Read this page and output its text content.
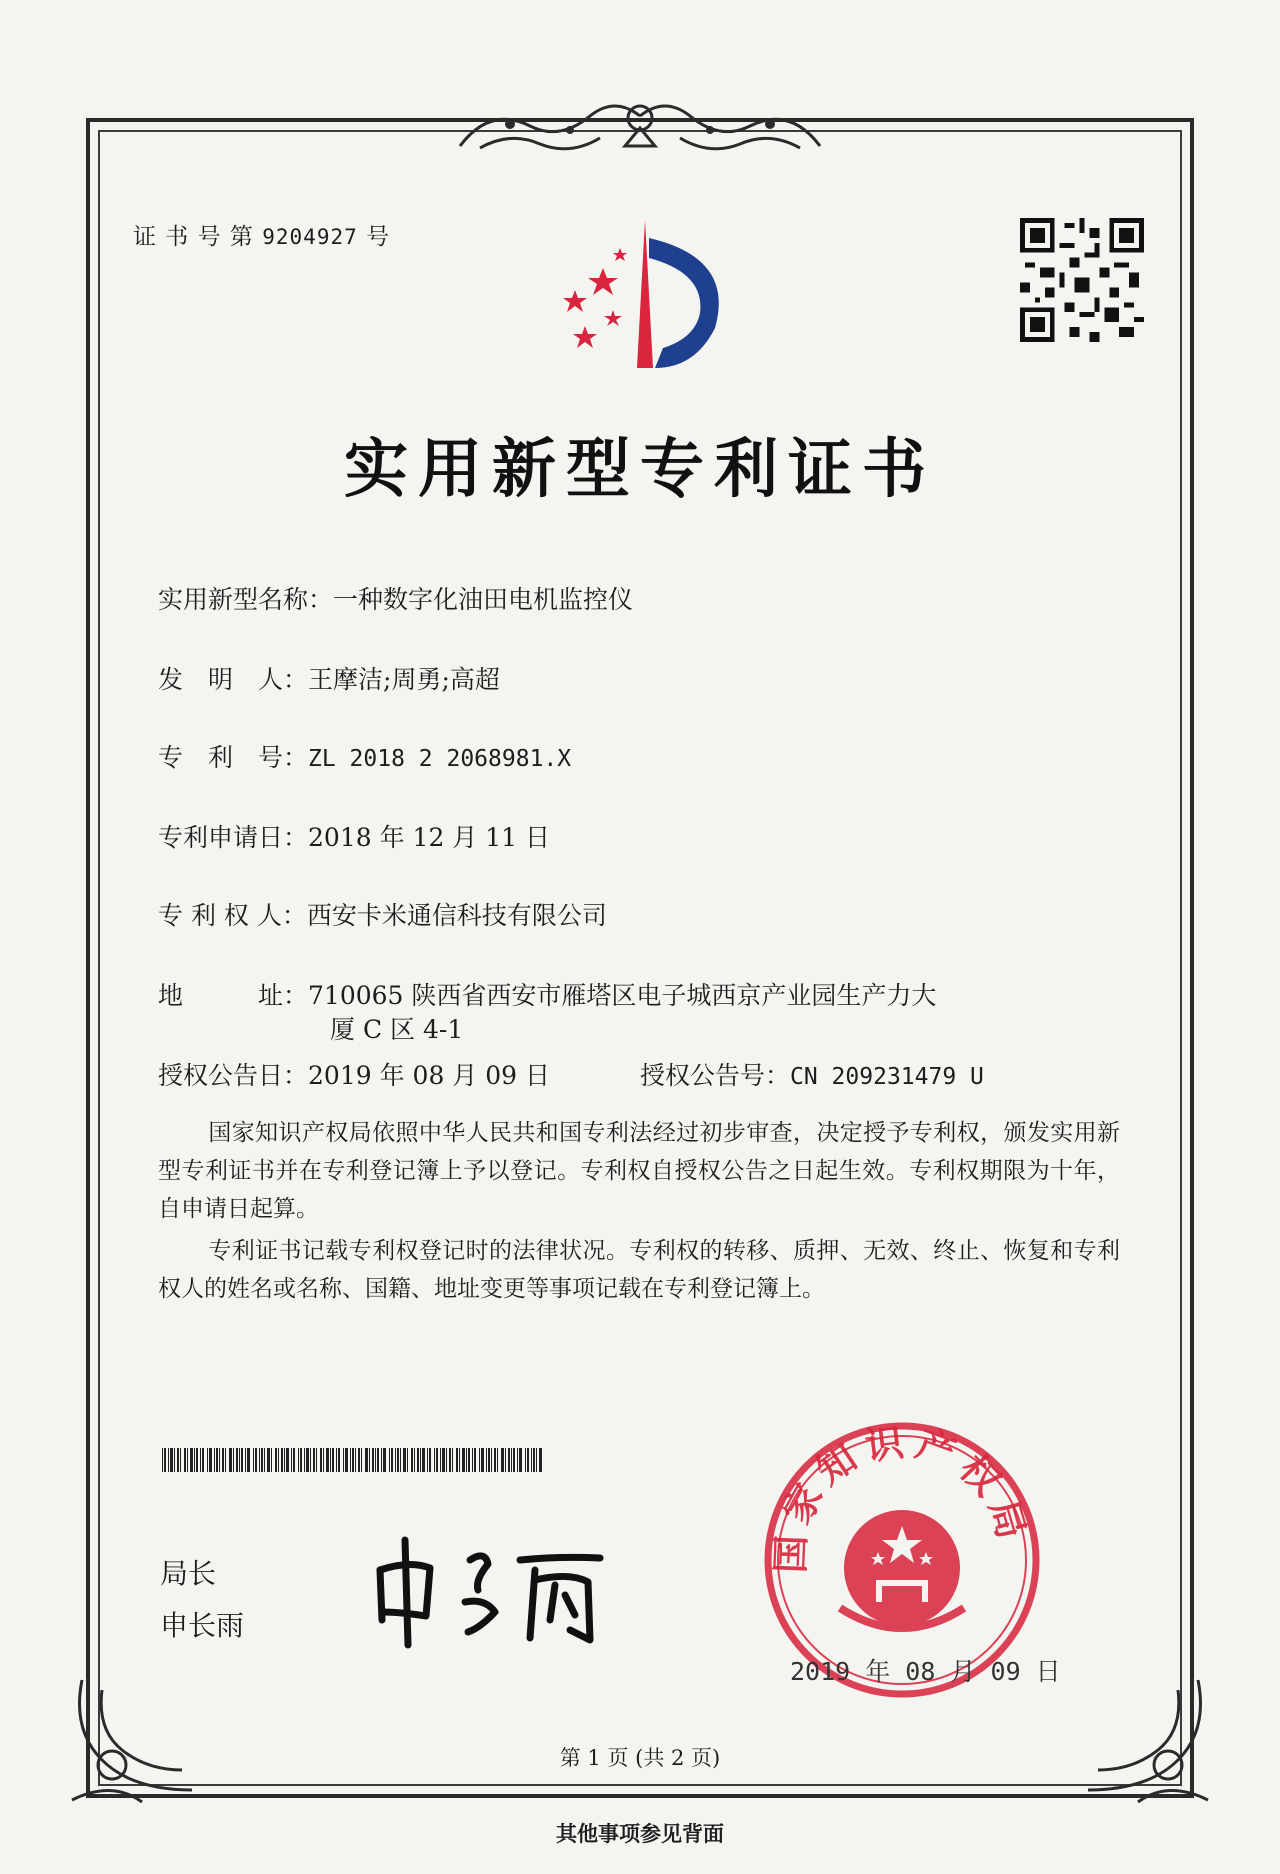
证 书 号 第 9204927 号
实用新型专利证书
实用新型名称：一种数字化油田电机监控仪
发　明　人：王摩洁;周勇;高超
专　利　号：ZL 2018 2 2068981.X
专利申请日：2018 年 12 月 11 日
专 利 权 人：西安卡米通信科技有限公司
地　　　址：710065 陕西省西安市雁塔区电子城西京产业园生产力大
厦 C 区 4-1
授权公告日：2019 年 08 月 09 日	授权公告号：CN 209231479 U
国家知识产权局依照中华人民共和国专利法经过初步审查，决定授予专利权，颁发实用新型专利证书并在专利登记簿上予以登记。专利权自授权公告之日起生效。专利权期限为十年，自申请日起算。
专利证书记载专利权登记时的法律状况。专利权的转移、质押、无效、终止、恢复和专利权人的姓名或名称、国籍、地址变更等事项记载在专利登记簿上。
局长
申长雨
国家知识产权局
2019 年 08 月 09 日
第 1 页 (共 2 页)
其他事项参见背面
